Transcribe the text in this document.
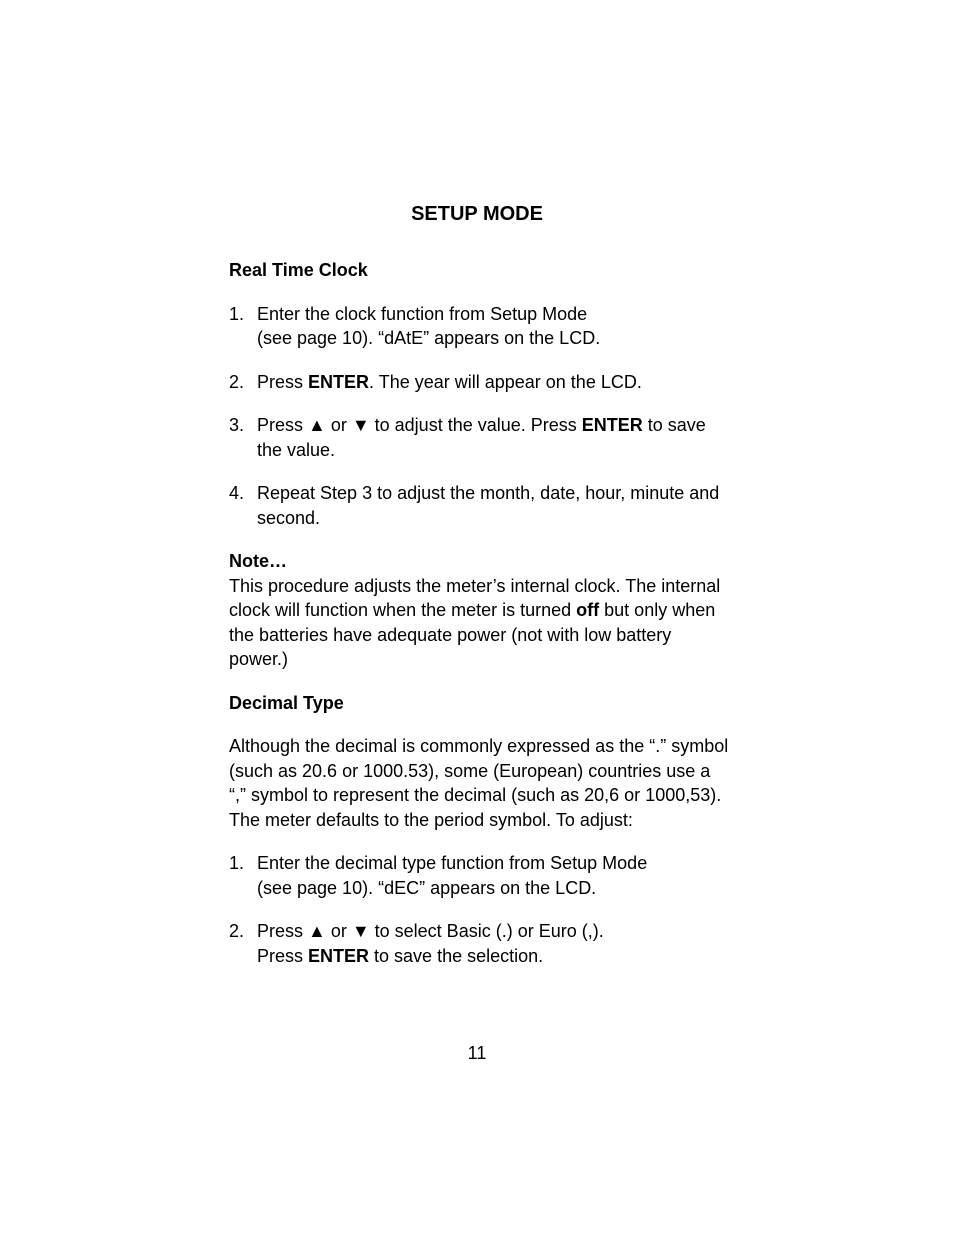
SETUP MODE
Real Time Clock
1. Enter the clock function from Setup Mode

(see page 10). “dAtE” appears on the LCD.

2. Press ENTER. The year will appear on the LCD.

3. Press ▲ or ▼ to adjust the value. Press ENTER to save the value.

4. Repeat Step 3 to adjust the month, date, hour, minute and second.

Note…

This procedure adjusts the meter’s internal clock. The internal clock will function when the meter is turned off but only when the batteries have adequate power (not with low battery power.)

Decimal Type

Although the decimal is commonly expressed as the “.” symbol (such as 20.6 or 1000.53), some (European) countries use a “,” symbol to represent the decimal (such as 20,6 or 1000,53). The meter defaults to the period symbol. To adjust:

1. Enter the decimal type function from Setup Mode

(see page 10). “dEC” appears on the LCD.

2. Press ▲ or ▼ to select Basic (.) or Euro (,).

Press ENTER to save the selection.

11
